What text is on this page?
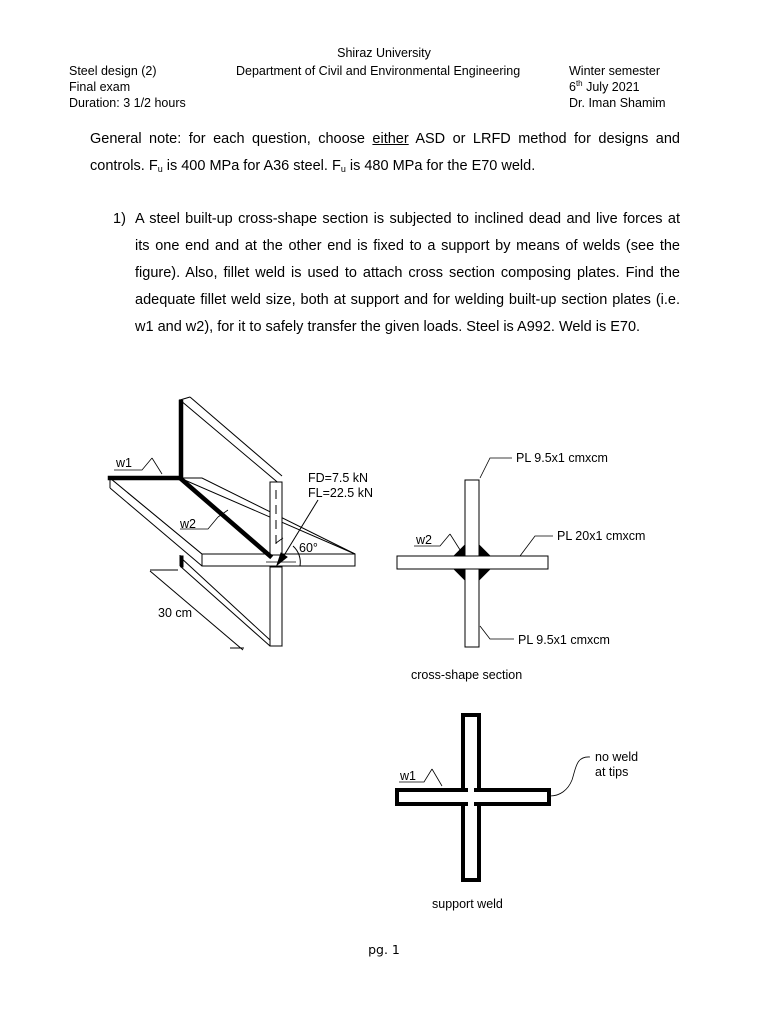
Shiraz University
Steel design (2)	Department of Civil and Environmental Engineering	Winter semester
Final exam	6th July 2021
Duration: 3 1/2 hours	Dr. Iman Shamim
General note: for each question, choose either ASD or LRFD method for designs and controls. $F_u$ is 400 MPa for A36 steel. $F_u$ is 480 MPa for the E70 weld.
1) A steel built-up cross-shape section is subjected to inclined dead and live forces at its one end and at the other end is fixed to a support by means of welds (see the figure). Also, fillet weld is used to attach cross section composing plates. Find the adequate fillet weld size, both at support and for welding built-up section plates (i.e. w1 and w2), for it to safely transfer the given loads. Steel is A992. Weld is E70.
w1
w2
FD=7.5 kN
FL=22.5 kN
60°
30 cm
PL 9.5x1 cmxcm
PL 20x1 cmxcm
w2
PL 9.5x1 cmxcm
cross-shape section
w1
no weld
at tips
support weld
pg. 1
